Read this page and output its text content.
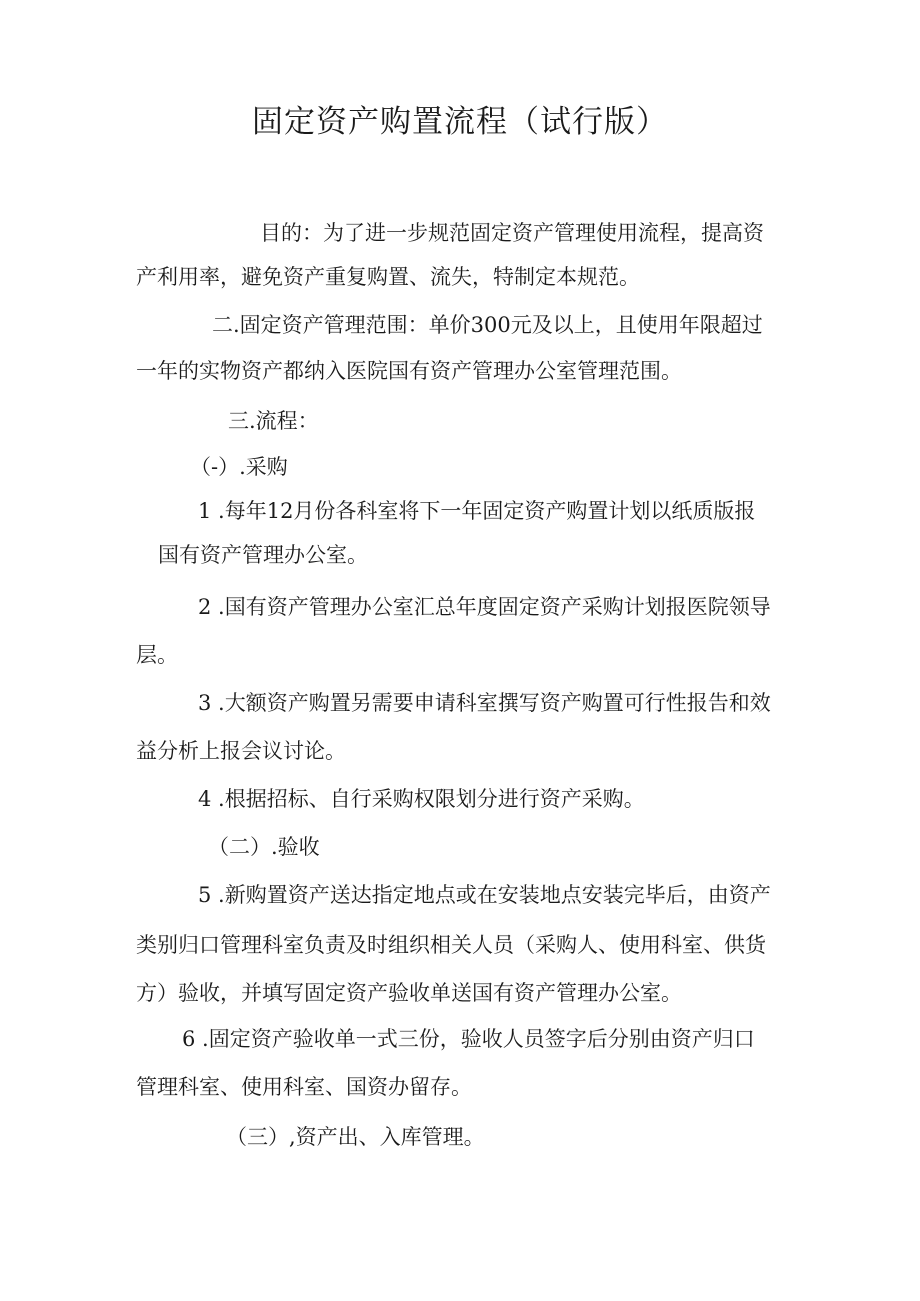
固定资产购置流程（试行版）
目的：为了进一步规范固定资产管理使用流程，提高资
产利用率，避免资产重复购置、流失，特制定本规范。
二.固定资产管理范围：单价300元及以上，且使用年限超过
一年的实物资产都纳入医院国有资产管理办公室管理范围。
三.流程：
（-）.采购
1 .每年12月份各科室将下一年固定资产购置计划以纸质版报
国有资产管理办公室。
2 .国有资产管理办公室汇总年度固定资产采购计划报医院领导
层。
3 .大额资产购置另需要申请科室撰写资产购置可行性报告和效
益分析上报会议讨论。
4 .根据招标、自行采购权限划分进行资产采购。
（二）.验收
5 .新购置资产送达指定地点或在安装地点安装完毕后，由资产
类别归口管理科室负责及时组织相关人员（采购人、使用科室、供货
方）验收，并填写固定资产验收单送国有资产管理办公室。
6 .固定资产验收单一式三份，验收人员签字后分别由资产归口
管理科室、使用科室、国资办留存。
（三）,资产出、入库管理。
